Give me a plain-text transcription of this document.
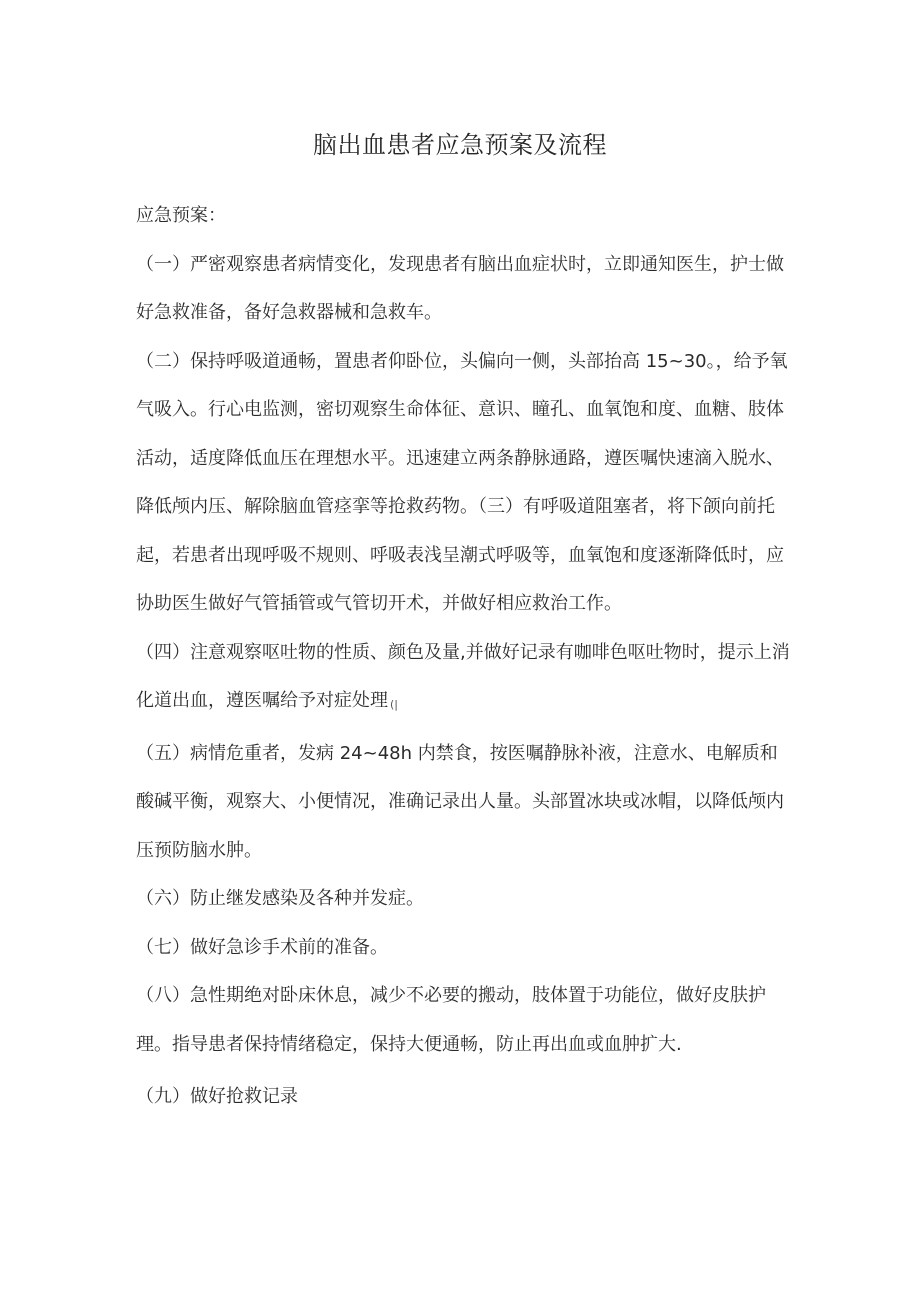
脑出血患者应急预案及流程

应急预案：

（一）严密观察患者病情变化，发现患者有脑出血症状时，立即通知医生，护士做好急救准备，备好急救器械和急救车。

（二）保持呼吸道通畅，置患者仰卧位，头偏向一侧，头部抬高 15~30。，给予氧气吸入。行心电监测，密切观察生命体征、意识、瞳孔、血氧饱和度、血糖、肢体活动，适度降低血压在理想水平。迅速建立两条静脉通路，遵医嘱快速滴入脱水、降低颅内压、解除脑血管痉挛等抢救药物。（三）有呼吸道阻塞者，将下颌向前托起，若患者出现呼吸不规则、呼吸表浅呈潮式呼吸等，血氧饱和度逐渐降低时，应协助医生做好气管插管或气管切开术，并做好相应救治工作。

（四）注意观察呕吐物的性质、颜色及量,并做好记录有咖啡色呕吐物时，提示上消化道出血，遵医嘱给予对症处理 (|

（五）病情危重者，发病 24~48h 内禁食，按医嘱静脉补液，注意水、电解质和酸碱平衡，观察大、小便情况，准确记录出人量。头部置冰块或冰帽，以降低颅内压预防脑水肿。

（六）防止继发感染及各种并发症。

（七）做好急诊手术前的准备。

（八）急性期绝对卧床休息，减少不必要的搬动，肢体置于功能位，做好皮肤护理。指导患者保持情绪稳定，保持大便通畅，防止再出血或血肿扩大.

（九）做好抢救记录
